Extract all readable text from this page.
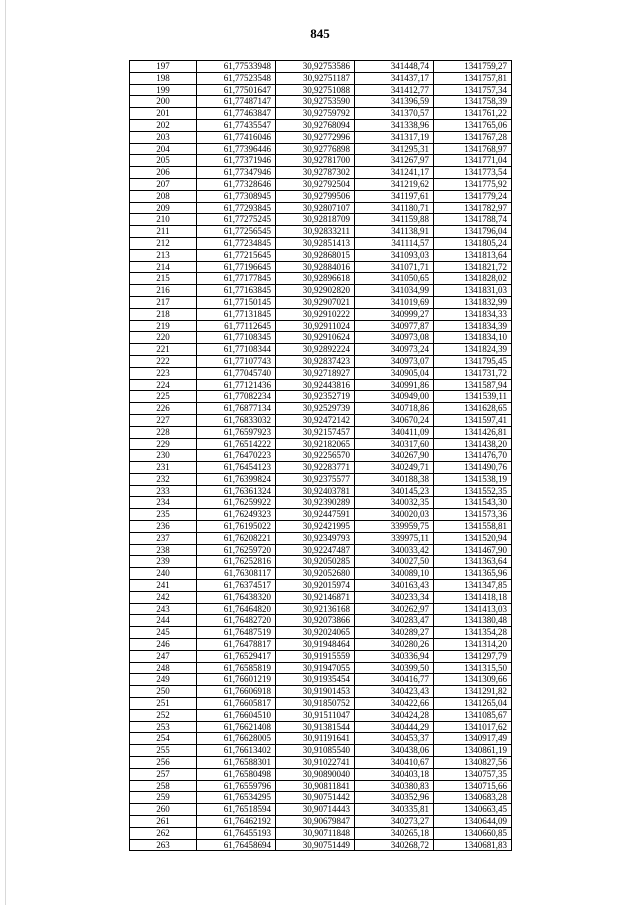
845
197	61,77533948	30,92753586	341448,74	1341759,27
198	61,77523548	30,92751187	341437,17	1341757,81
199	61,77501647	30,92751088	341412,77	1341757,34
200	61,77487147	30,92753590	341396,59	1341758,39
201	61,77463847	30,92759792	341370,57	1341761,22
202	61,77435547	30,92768094	341338,96	1341765,06
203	61,77416046	30,92772996	341317,19	1341767,28
204	61,77396446	30,92776898	341295,31	1341768,97
205	61,77371946	30,92781700	341267,97	1341771,04
206	61,77347946	30,92787302	341241,17	1341773,54
207	61,77328646	30,92792504	341219,62	1341775,92
208	61,77308945	30,92799506	341197,61	1341779,24
209	61,77293845	30,92807107	341180,71	1341782,97
210	61,77275245	30,92818709	341159,88	1341788,74
211	61,77256545	30,92833211	341138,91	1341796,04
212	61,77234845	30,92851413	341114,57	1341805,24
213	61,77215645	30,92868015	341093,03	1341813,64
214	61,77196645	30,92884016	341071,71	1341821,72
215	61,77177845	30,92896618	341050,65	1341828,02
216	61,77163845	30,92902820	341034,99	1341831,03
217	61,77150145	30,92907021	341019,69	1341832,99
218	61,77131845	30,92910222	340999,27	1341834,33
219	61,77112645	30,92911024	340977,87	1341834,39
220	61,77108345	30,92910624	340973,08	1341834,10
221	61,77108344	30,92892224	340973,24	1341824,39
222	61,77107743	30,92837423	340973,07	1341795,45
223	61,77045740	30,92718927	340905,04	1341731,72
224	61,77121436	30,92443816	340991,86	1341587,94
225	61,77082234	30,92352719	340949,00	1341539,11
226	61,76877134	30,92529739	340718,86	1341628,65
227	61,76833032	30,92472142	340670,24	1341597,41
228	61,76597923	30,92157457	340411,09	1341426,81
229	61,76514222	30,92182065	340317,60	1341438,20
230	61,76470223	30,92256570	340267,90	1341476,70
231	61,76454123	30,92283771	340249,71	1341490,76
232	61,76399824	30,92375577	340188,38	1341538,19
233	61,76361324	30,92403781	340145,23	1341552,35
234	61,76259922	30,92390289	340032,35	1341543,30
235	61,76249323	30,92447591	340020,03	1341573,36
236	61,76195022	30,92421995	339959,75	1341558,81
237	61,76208221	30,92349793	339975,11	1341520,94
238	61,76259720	30,92247487	340033,42	1341467,90
239	61,76252816	30,92050285	340027,50	1341363,64
240	61,76308117	30,92052680	340089,10	1341365,96
241	61,76374517	30,92015974	340163,43	1341347,85
242	61,76438320	30,92146871	340233,34	1341418,18
243	61,76464820	30,92136168	340262,97	1341413,03
244	61,76482720	30,92073866	340283,47	1341380,48
245	61,76487519	30,92024065	340289,27	1341354,28
246	61,76478817	30,91948464	340280,26	1341314,20
247	61,76529417	30,91915559	340336,94	1341297,79
248	61,76585819	30,91947055	340399,50	1341315,50
249	61,76601219	30,91935454	340416,77	1341309,66
250	61,76606918	30,91901453	340423,43	1341291,82
251	61,76605817	30,91850752	340422,66	1341265,04
252	61,76604510	30,91511047	340424,28	1341085,67
253	61,76621408	30,91381544	340444,29	1341017,62
254	61,76628005	30,91191641	340453,37	1340917,49
255	61,76613402	30,91085540	340438,06	1340861,19
256	61,76588301	30,91022741	340410,67	1340827,56
257	61,76580498	30,90890040	340403,18	1340757,35
258	61,76559796	30,90811841	340380,83	1340715,66
259	61,76534295	30,90751442	340352,96	1340683,28
260	61,76518594	30,90714443	340335,81	1340663,45
261	61,76462192	30,90679847	340273,27	1340644,09
262	61,76455193	30,90711848	340265,18	1340660,85
263	61,76458694	30,90751449	340268,72	1340681,83
